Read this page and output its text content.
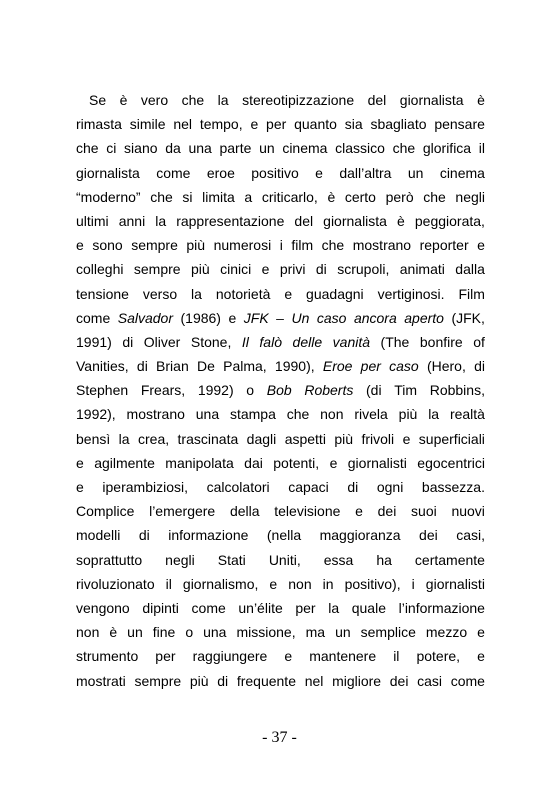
Se è vero che la stereotipizzazione del giornalista è
rimasta simile nel tempo, e per quanto sia sbagliato pensare
che ci siano da una parte un cinema classico che glorifica il
giornalista come eroe positivo e dall’altra un cinema
“moderno” che si limita a criticarlo, è certo però che negli
ultimi anni la rappresentazione del giornalista è peggiorata,
e sono sempre più numerosi i film che mostrano reporter e
colleghi sempre più cinici e privi di scrupoli, animati dalla
tensione verso la notorietà e guadagni vertiginosi. Film
come Salvador (1986) e JFK – Un caso ancora aperto (JFK,
1991) di Oliver Stone, Il falò delle vanità (The bonfire of
Vanities, di Brian De Palma, 1990), Eroe per caso (Hero, di
Stephen Frears, 1992) o Bob Roberts (di Tim Robbins,
1992), mostrano una stampa che non rivela più la realtà
bensì la crea, trascinata dagli aspetti più frivoli e superficiali
e agilmente manipolata dai potenti, e giornalisti egocentrici
e iperambiziosi, calcolatori capaci di ogni bassezza.
Complice l’emergere della televisione e dei suoi nuovi
modelli di informazione (nella maggioranza dei casi,
soprattutto negli Stati Uniti, essa ha certamente
rivoluzionato il giornalismo, e non in positivo), i giornalisti
vengono dipinti come un’élite per la quale l’informazione
non è un fine o una missione, ma un semplice mezzo e
strumento per raggiungere e mantenere il potere, e
mostrati sempre più di frequente nel migliore dei casi come
- 37 -
